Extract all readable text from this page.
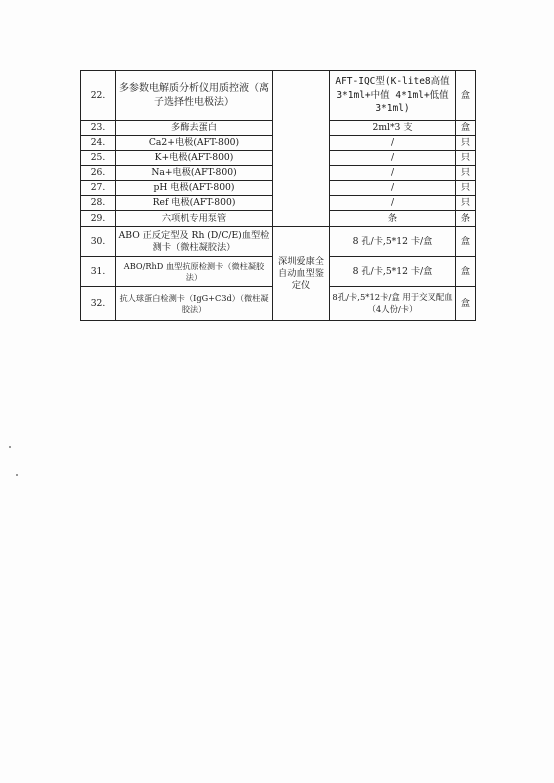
22.	多参数电解质分析仪用质控液（离子选择性电极法）		AFT-IQC型(K-lite8高值 3*1ml+中值 4*1ml+低值 3*1ml)	盒
23.	多酶去蛋白		2ml*3 支	盒
24.	Ca2+电极(AFT-800)		/	只
25.	K+电极(AFT-800)		/	只
26.	Na+电极(AFT-800)		/	只
27.	pH 电极(AFT-800)		/	只
28.	Ref 电极(AFT-800)		/	只
29.	六项机专用泵管		条	条
30.	ABO 正反定型及 Rh (D/C/E)血型检测卡（微柱凝胶法）	深圳爱康全自动血型鉴定仪	8 孔/卡,5*12 卡/盒	盒
31.	ABO/RhD 血型抗原检测卡（微柱凝胶法）		8 孔/卡,5*12 卡/盒	盒
32.	抗人球蛋白检测卡（IgG+C3d）（微柱凝胶法）		8孔/卡,5*12卡/盒 用于交叉配血（4人份/卡）	盒
